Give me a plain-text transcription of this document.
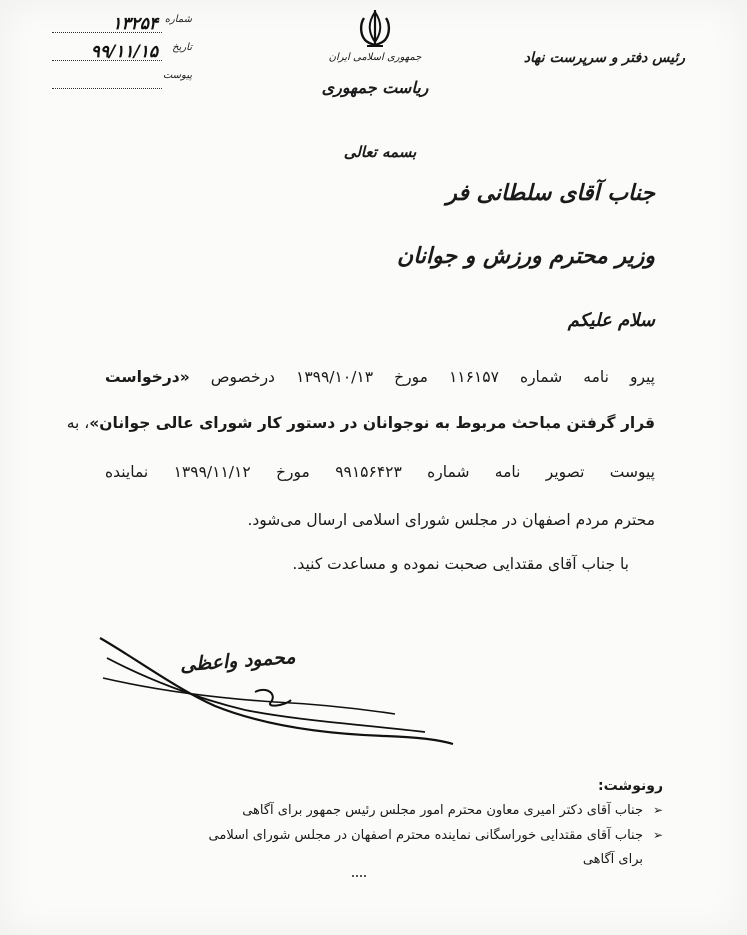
شماره
۱۳۲۵۴
تاریخ
۹۹/۱۱/۱۵
پیوست
جمهوری اسلامی ایران
ریاست جمهوری
رئیس دفتر و سرپرست نهاد
بسمه تعالی
جناب آقای سلطانی فر
وزیر محترم ورزش و جوانان
سلام علیکم
پیرو نامه شماره ۱۱۶۱۵۷ مورخ ۱۳۹۹/۱۰/۱۳ درخصوص «درخواست
قرار گرفتن مباحث مربوط به نوجوانان در دستور کار شورای عالی جوانان»، به
پیوست تصویر نامه شماره ۹۹۱۵۶۴۲۳ مورخ ۱۳۹۹/۱۱/۱۲ نماینده
محترم مردم اصفهان در مجلس شورای اسلامی ارسال می‌شود.
با جناب آقای مقتدایی صحبت نموده و مساعدت کنید.
محمود واعظی
رونوشت:
➢
جناب آقای دکتر امیری معاون محترم امور مجلس رئیس جمهور برای آگاهی
➢
جناب آقای مقتدایی خوراسگانی نماینده محترم اصفهان در مجلس شورای اسلامی
برای آگاهی
